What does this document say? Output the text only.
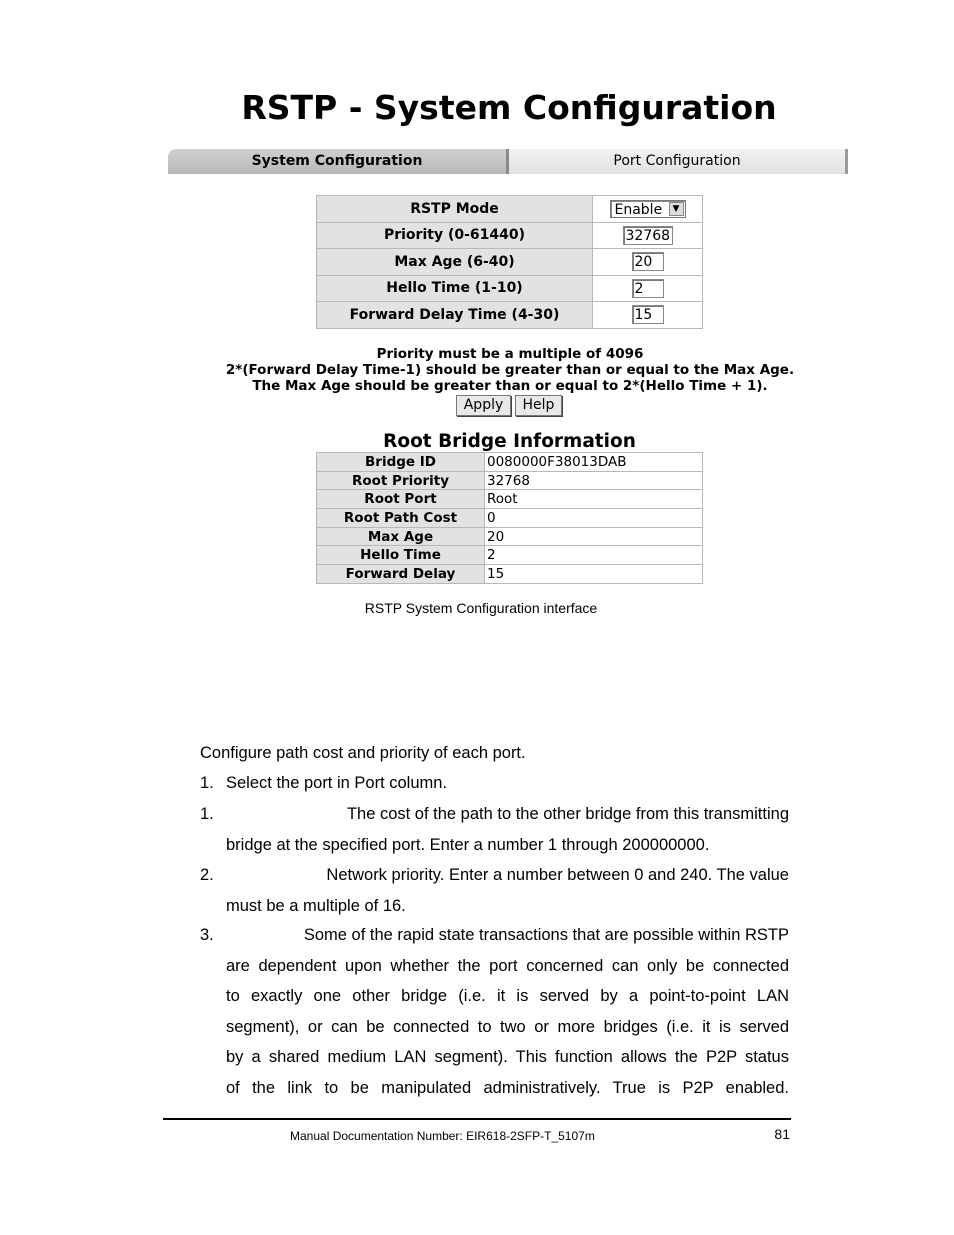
RSTP - System Configuration
System Configuration	Port Configuration
RSTP Mode	Enable ▼

Priority (0-61440)	32768
Max Age (6-40)	20
Hello Time (1-10)	2
Forward Delay Time (4-30)	15
Priority must be a multiple of 4096
2*(Forward Delay Time-1) should be greater than or equal to the Max Age.
The Max Age should be greater than or equal to 2*(Hello Time + 1).
Apply	Help
Root Bridge Information
Bridge ID	0080000F38013DAB
Root Priority	32768
Root Port	Root
Root Path Cost	0
Max Age	20
Hello Time	2
Forward Delay	15
RSTP System Configuration interface
Configure path cost and priority of each port.
1. Select the port in Port column.
1.	The cost of the path to the other bridge from this transmitting
bridge at the specified port. Enter a number 1 through 200000000.
2.	Network priority. Enter a number between 0 and 240. The value
must be a multiple of 16.
3.	Some of the rapid state transactions that are possible within RSTP
are dependent upon whether the port concerned can only be connected
to exactly one other bridge (i.e. it is served by a point-to-point LAN
segment), or can be connected to two or more bridges (i.e. it is served
by a shared medium LAN segment). This function allows the P2P status
of the link to be manipulated administratively. True is P2P enabled.
Manual Documentation Number: EIR618-2SFP-T_5107m	81
